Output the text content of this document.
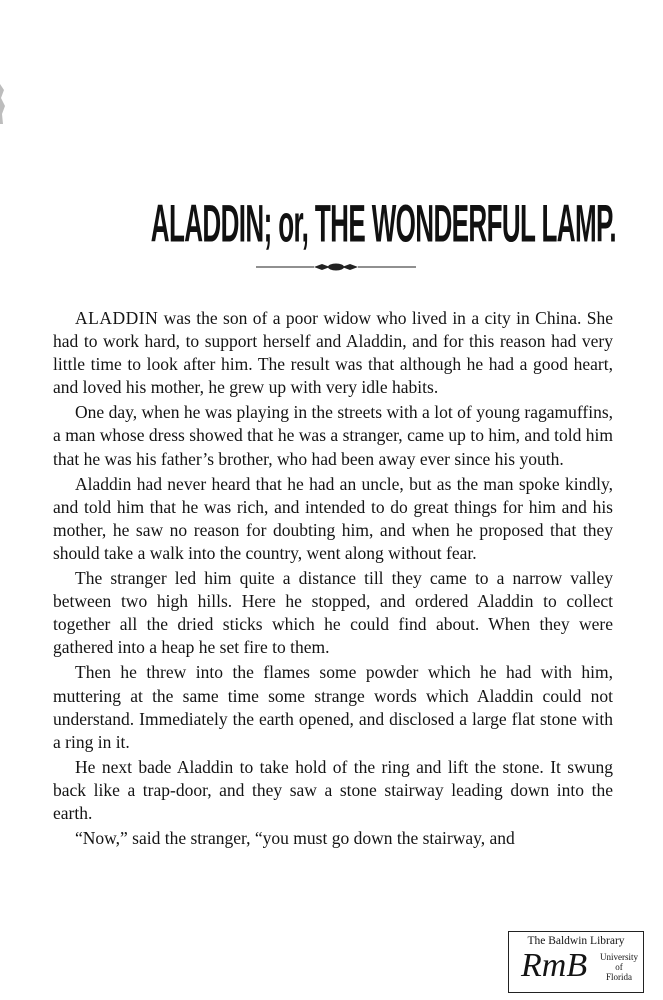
ALADDIN; or, THE WONDERFUL LAMP.

ALADDIN was the son of a poor widow who lived in a city in China. She had to work hard, to support herself and Aladdin, and for this reason had very little time to look after him. The result was that although he had a good heart, and loved his mother, he grew up with very idle habits.

One day, when he was playing in the streets with a lot of young ragamuffins, a man whose dress showed that he was a stranger, came up to him, and told him that he was his father’s brother, who had been away ever since his youth.

Aladdin had never heard that he had an uncle, but as the man spoke kindly, and told him that he was rich, and intended to do great things for him and his mother, he saw no reason for doubting him, and when he proposed that they should take a walk into the country, went along without fear.

The stranger led him quite a distance till they came to a narrow valley between two high hills. Here he stopped, and ordered Aladdin to collect together all the dried sticks which he could find about. When they were gathered into a heap he set fire to them.

Then he threw into the flames some powder which he had with him, muttering at the same time some strange words which Aladdin could not understand. Immediately the earth opened, and disclosed a large flat stone with a ring in it.

He next bade Aladdin to take hold of the ring and lift the stone. It swung back like a trap-door, and they saw a stone stairway leading down into the earth.

“Now,” said the stranger, “you must go down the stairway, and

The Baldwin Library
RmB	University
of
Florida
